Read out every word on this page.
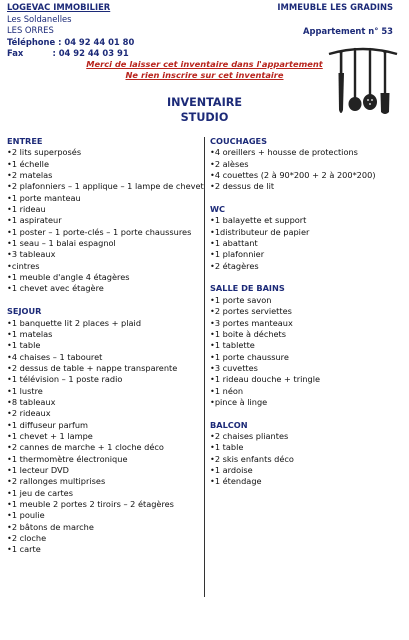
LOGEVAC IMMOBILIER
Les Soldanelles
LES ORRES
Téléphone : 04 92 44 01 80
Fax          : 04 92 44 03 91
IMMEUBLE LES GRADINS
Appartement n° 53
Merci de laisser cet inventaire dans l'appartement
Ne rien inscrire sur cet inventaire
INVENTAIRE
STUDIO
ENTREE
•2 lits superposés
•1 échelle
•2 matelas
•2 plafonniers – 1 applique – 1 lampe de chevet
•1 porte manteau
•1 rideau
•1 aspirateur
•1 poster – 1 porte-clés – 1 porte chaussures
•1 seau – 1 balai espagnol
•3 tableaux
•cintres
•1 meuble d'angle 4 étagères
•1 chevet avec étagère
SEJOUR
•1 banquette lit 2 places + plaid
•1 matelas
•1 table
•4 chaises – 1 tabouret
•2 dessus de table + nappe transparente
•1 télévision – 1 poste radio
•1 lustre
•8 tableaux
•2 rideaux
•1 diffuseur parfum
•1 chevet + 1 lampe
•2 cannes de marche + 1 cloche déco
•1 thermomètre électronique
•1 lecteur DVD
•2 rallonges multiprises
•1 jeu de cartes
•1 meuble 2 portes 2 tiroirs – 2 étagères
•1 poulie
•2 bâtons de marche
•2 cloche
•1 carte
COUCHAGES
•4 oreillers + housse de protections
•2 alèses
•4 couettes (2 à 90*200 + 2 à 200*200)
•2 dessus de lit
WC
•1 balayette et support
•1distributeur de papier
•1 abattant
•1 plafonnier
•2 étagères
SALLE DE BAINS
•1 porte savon
•2 portes serviettes
•3 portes manteaux
•1 boite à déchets
•1 tablette
•1 porte chaussure
•3 cuvettes
•1 rideau douche + tringle
•1 néon
•pince à linge
BALCON
•2 chaises pliantes
•1 table
•2 skis enfants déco
•1 ardoise
•1 étendage
